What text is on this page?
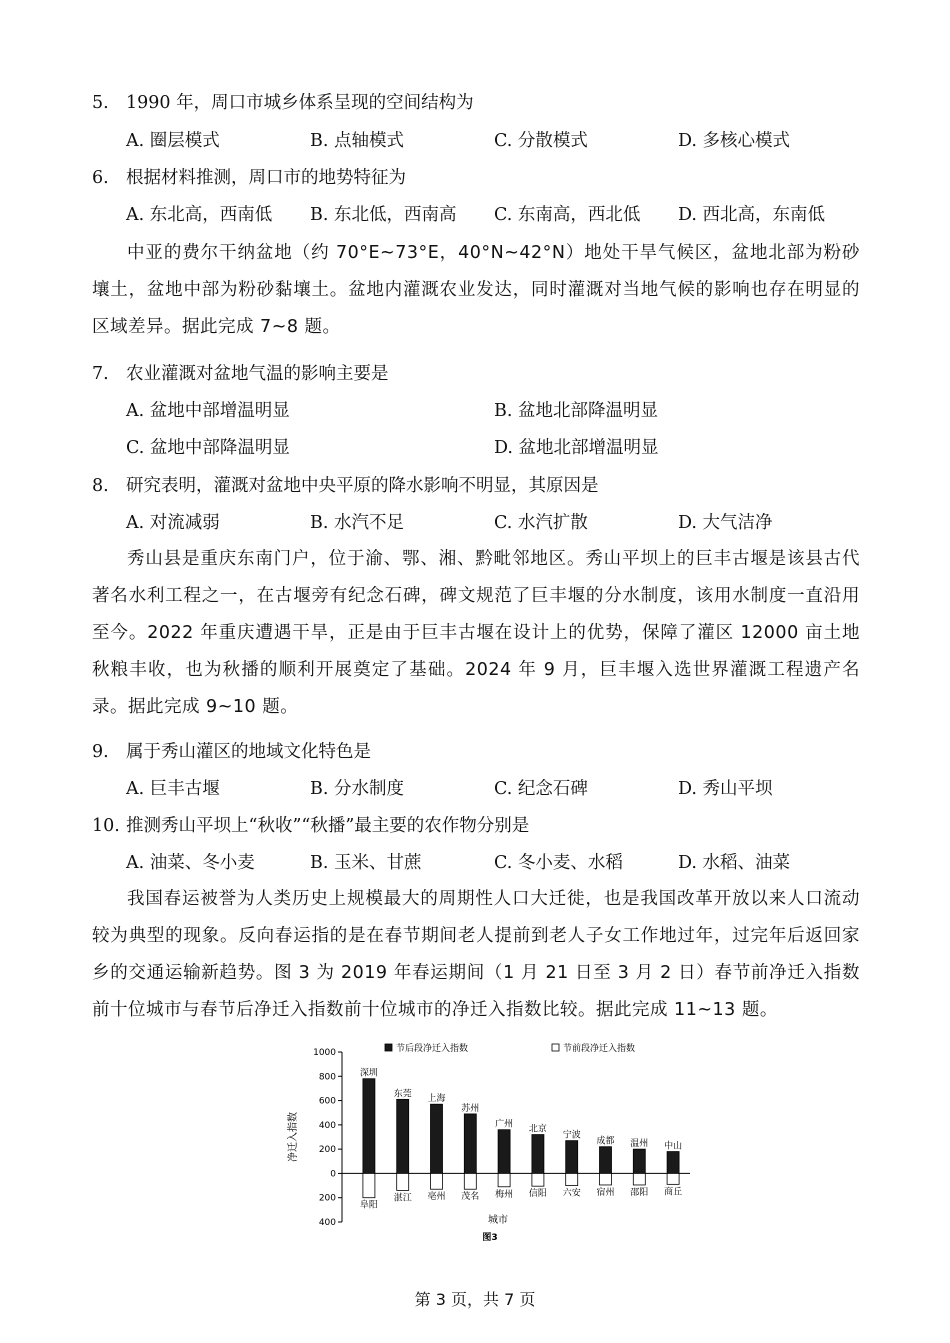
5. 1990 年，周口市城乡体系呈现的空间结构为
A. 圈层模式	B. 点轴模式	C. 分散模式	D. 多核心模式
6. 根据材料推测，周口市的地势特征为
A. 东北高，西南低 B. 东北低，西南高 C. 东南高，西北低 D. 西北高，东南低
中亚的费尔干纳盆地（约 70°E~73°E，40°N~42°N）地处干旱气候区，盆地北部为粉砂壤土，盆地中部为粉砂黏壤土。盆地内灌溉农业发达，同时灌溉对当地气候的影响也存在明显的区域差异。据此完成 7~8 题。
7. 农业灌溉对盆地气温的影响主要是
A. 盆地中部增温明显	B. 盆地北部降温明显
C. 盆地中部降温明显	D. 盆地北部增温明显
8. 研究表明，灌溉对盆地中央平原的降水影响不明显，其原因是
A. 对流减弱	B. 水汽不足	C. 水汽扩散	D. 大气洁净
秀山县是重庆东南门户，位于渝、鄂、湘、黔毗邻地区。秀山平坝上的巨丰古堰是该县古代著名水利工程之一，在古堰旁有纪念石碑，碑文规范了巨丰堰的分水制度，该用水制度一直沿用至今。2022 年重庆遭遇干旱，正是由于巨丰古堰在设计上的优势，保障了灌区 12000 亩土地秋粮丰收，也为秋播的顺利开展奠定了基础。2024 年 9 月，巨丰堰入选世界灌溉工程遗产名录。据此完成 9~10 题。
9. 属于秀山灌区的地域文化特色是
A. 巨丰古堰	B. 分水制度	C. 纪念石碑	D. 秀山平坝
10. 推测秀山平坝上“秋收”“秋播”最主要的农作物分别是
A. 油菜、冬小麦	B. 玉米、甘蔗	C. 冬小麦、水稻	D. 水稻、油菜
我国春运被誉为人类历史上规模最大的周期性人口大迁徙，也是我国改革开放以来人口流动较为典型的现象。反向春运指的是在春节期间老人提前到老人子女工作地过年，过完年后返回家乡的交通运输新趋势。图 3 为 2019 年春运期间（1 月 21 日至 3 月 2 日）春节前净迁入指数前十位城市与春节后净迁入指数前十位城市的净迁入指数比较。据此完成 11~13 题。
1000
800
600
400
200
0
200
400
净迁入指数
节后段净迁入指数	节前段净迁入指数
深圳
阜阳
东莞
湛江
上海
亳州
苏州
茂名
广州
梅州
北京
信阳
宁波
六安
成都
宿州
温州
邵阳
中山
商丘
城市
图3
第 3 页，共 7 页
